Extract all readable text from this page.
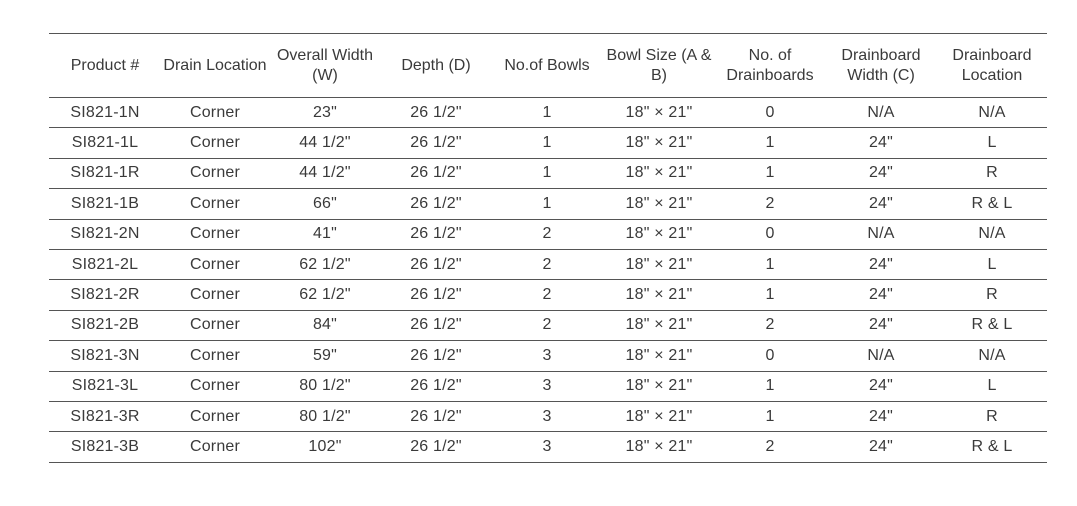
Product #	Drain Location	Overall Width (W)	Depth (D)	No.of Bowls	Bowl Size (A & B)	No. of Drainboards	Drainboard Width (C)	Drainboard Location
SI821-1N	Corner	23"	26 1/2"	1	18" × 21"	0	N/A	N/A
SI821-1L	Corner	44 1/2"	26 1/2"	1	18" × 21"	1	24"	L
SI821-1R	Corner	44 1/2"	26 1/2"	1	18" × 21"	1	24"	R
SI821-1B	Corner	66"	26 1/2"	1	18" × 21"	2	24"	R & L
SI821-2N	Corner	41"	26 1/2"	2	18" × 21"	0	N/A	N/A
SI821-2L	Corner	62 1/2"	26 1/2"	2	18" × 21"	1	24"	L
SI821-2R	Corner	62 1/2"	26 1/2"	2	18" × 21"	1	24"	R
SI821-2B	Corner	84"	26 1/2"	2	18" × 21"	2	24"	R & L
SI821-3N	Corner	59"	26 1/2"	3	18" × 21"	0	N/A	N/A
SI821-3L	Corner	80 1/2"	26 1/2"	3	18" × 21"	1	24"	L
SI821-3R	Corner	80 1/2"	26 1/2"	3	18" × 21"	1	24"	R
SI821-3B	Corner	102"	26 1/2"	3	18" × 21"	2	24"	R & L
